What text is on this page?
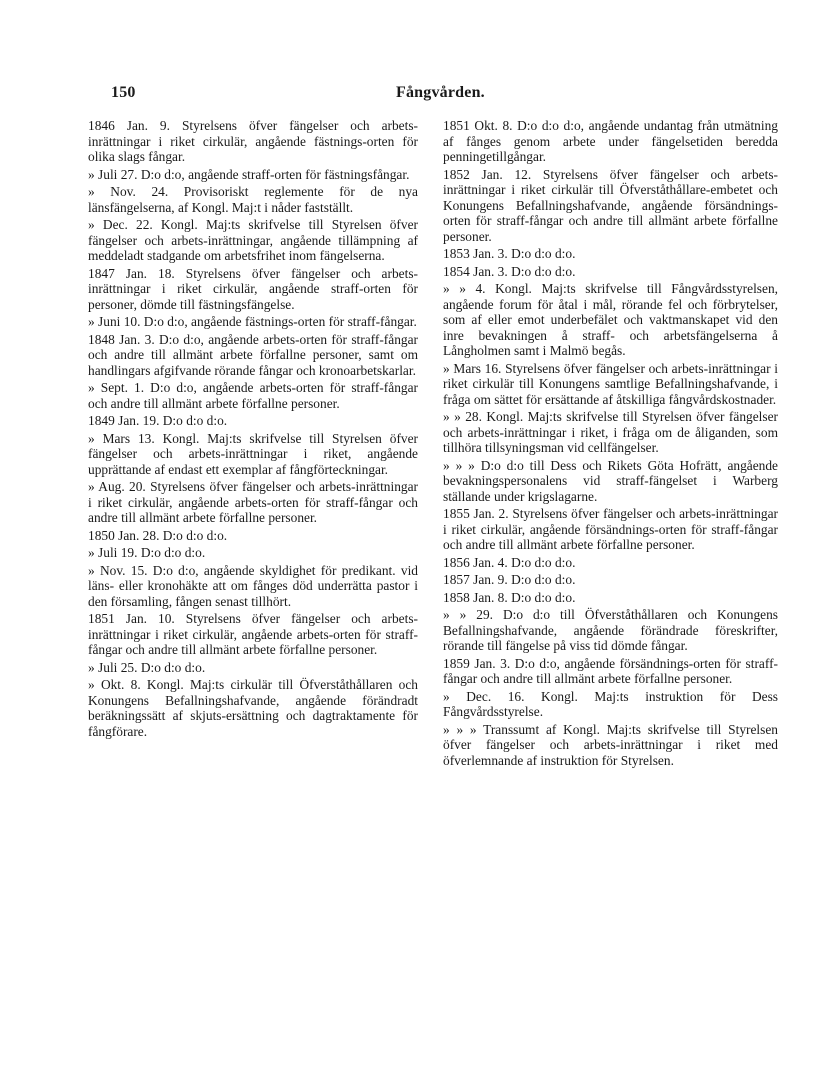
150	Fångvården.

1846 Jan. 9. Styrelsens öfver fängelser och arbets-inrättningar i riket cirkulär, angående fästnings-orten för olika slags fångar.

» Juli 27. D:o d:o, angående straff-orten för fästningsfångar.

» Nov. 24. Provisoriskt reglemente för de nya länsfängelserna, af Kongl. Maj:t i nåder fastställt.

» Dec. 22. Kongl. Maj:ts skrifvelse till Styrelsen öfver fängelser och arbets-inrättningar, angående tillämpning af meddeladt stadgande om arbetsfrihet inom fängelserna.

1847 Jan. 18. Styrelsens öfver fängelser och arbets-inrättningar i riket cirkulär, angående straff-orten för personer, dömde till fästningsfängelse.

» Juni 10. D:o d:o, angående fästnings-orten för straff-fångar.

1848 Jan. 3. D:o d:o, angående arbets-orten för straff-fångar och andre till allmänt arbete förfallne personer, samt om handlingars afgifvande rörande fångar och kronoarbetskarlar.

» Sept. 1. D:o d:o, angående arbets-orten för straff-fångar och andre till allmänt arbete förfallne personer.

1849 Jan. 19. D:o d:o d:o.

» Mars 13. Kongl. Maj:ts skrifvelse till Styrelsen öfver fängelser och arbets-inrättningar i riket, angående upprättande af endast ett exemplar af fångförteckningar.

» Aug. 20. Styrelsens öfver fängelser och arbets-inrättningar i riket cirkulär, angående arbets-orten för straff-fångar och andre till allmänt arbete förfallne personer.

1850 Jan. 28. D:o d:o d:o.

» Juli 19. D:o d:o d:o.

» Nov. 15. D:o d:o, angående skyldighet för predikant. vid läns- eller kronohäkte att om fånges död underrätta pastor i den församling, fången senast tillhört.

1851 Jan. 10. Styrelsens öfver fängelser och arbets-inrättningar i riket cirkulär, angående arbets-orten för straff-fångar och andre till allmänt arbete förfallne personer.

» Juli 25. D:o d:o d:o.

» Okt. 8. Kongl. Maj:ts cirkulär till Öfverståthållaren och Konungens Befallningshafvande, angående förändradt beräkningssätt af skjuts-ersättning och dagtraktamente för fångförare.

1851 Okt. 8. D:o d:o d:o, angående undantag från utmätning af fånges genom arbete under fängelsetiden beredda penningetillgångar.

1852 Jan. 12. Styrelsens öfver fängelser och arbets-inrättningar i riket cirkulär till Öfverståthållare-embetet och Konungens Befallningshafvande, angående försändnings-orten för straff-fångar och andre till allmänt arbete förfallne personer.

1853 Jan. 3. D:o d:o d:o.

1854 Jan. 3. D:o d:o d:o.

» » 4. Kongl. Maj:ts skrifvelse till Fångvårdsstyrelsen, angående forum för åtal i mål, rörande fel och förbrytelser, som af eller emot underbefälet och vaktmanskapet vid den inre bevakningen å straff- och arbetsfängelserna å Långholmen samt i Malmö begås.

» Mars 16. Styrelsens öfver fängelser och arbets-inrättningar i riket cirkulär till Konungens samtlige Befallningshafvande, i fråga om sättet för ersättande af åtskilliga fångvårdskostnader.

» » 28. Kongl. Maj:ts skrifvelse till Styrelsen öfver fängelser och arbets-inrättningar i riket, i fråga om de åliganden, som tillhöra tillsyningsman vid cellfängelser.

» » » D:o d:o till Dess och Rikets Göta Hofrätt, angående bevakningspersonalens vid straff-fängelset i Warberg ställande under krigslagarne.

1855 Jan. 2. Styrelsens öfver fängelser och arbets-inrättningar i riket cirkulär, angående försändnings-orten för straff-fångar och andre till allmänt arbete förfallne personer.

1856 Jan. 4. D:o d:o d:o.

1857 Jan. 9. D:o d:o d:o.

1858 Jan. 8. D:o d:o d:o.

» » 29. D:o d:o till Öfverståthållaren och Konungens Befallningshafvande, angående förändrade föreskrifter, rörande till fängelse på viss tid dömde fångar.

1859 Jan. 3. D:o d:o, angående försändnings-orten för straff-fångar och andre till allmänt arbete förfallne personer.

» Dec. 16. Kongl. Maj:ts instruktion för Dess Fångvårdsstyrelse.

» » » Transsumt af Kongl. Maj:ts skrifvelse till Styrelsen öfver fängelser och arbets-inrättningar i riket med öfverlemnande af instruktion för Styrelsen.
